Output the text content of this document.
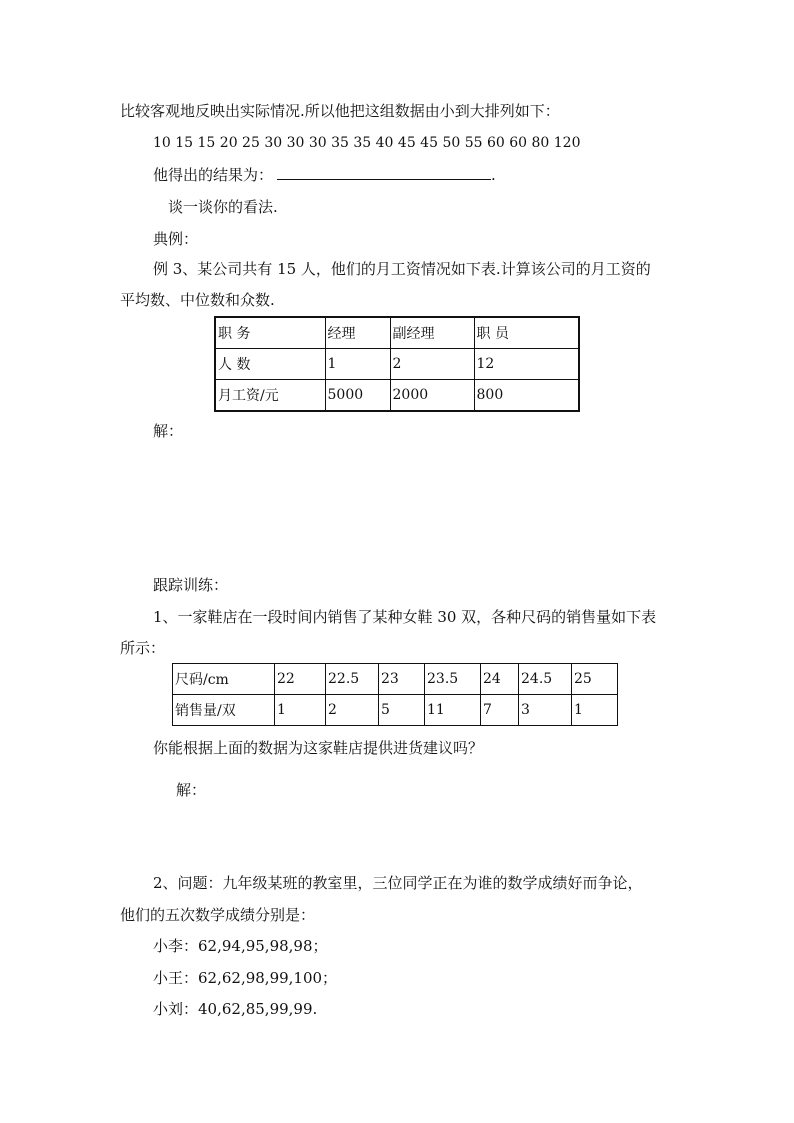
比较客观地反映出实际情况.所以他把这组数据由小到大排列如下：
10 15 15 20 25 30 30 30 35 35 40 45 45 50 55 60 60 80 120
他得出的结果为：	.
谈一谈你的看法.
典例：
例 3、某公司共有 15 人，他们的月工资情况如下表.计算该公司的月工资的
平均数、中位数和众数.
职 务	经理	副经理	职 员
人 数	1	2	12
月工资/元	5000	2000	800
解：
跟踪训练：
1、一家鞋店在一段时间内销售了某种女鞋 30 双，各种尺码的销售量如下表
所示：
尺码/cm	22	22.5	23	23.5	24	24.5	25
销售量/双	1	2	5	11	7	3	1
你能根据上面的数据为这家鞋店提供进货建议吗？
解：
2、问题：九年级某班的教室里，三位同学正在为谁的数学成绩好而争论，
他们的五次数学成绩分别是：
小李：62,94,95,98,98；
小王：62,62,98,99,100；
小刘：40,62,85,99,99.
